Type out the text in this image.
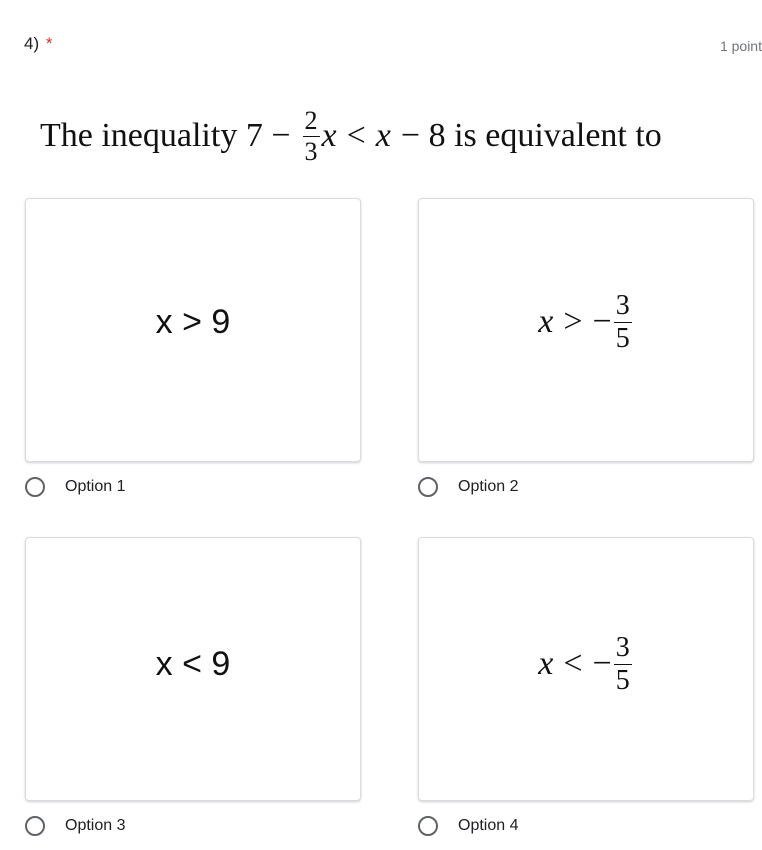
4) *	1 point
The inequality $7 - \frac{2}{3}$ x < x − 8 is equivalent to
x > 9
Option 1
x > − $\frac{3}{5}$
Option 2
x < 9
Option 3
x < − $\frac{3}{5}$
Option 4
